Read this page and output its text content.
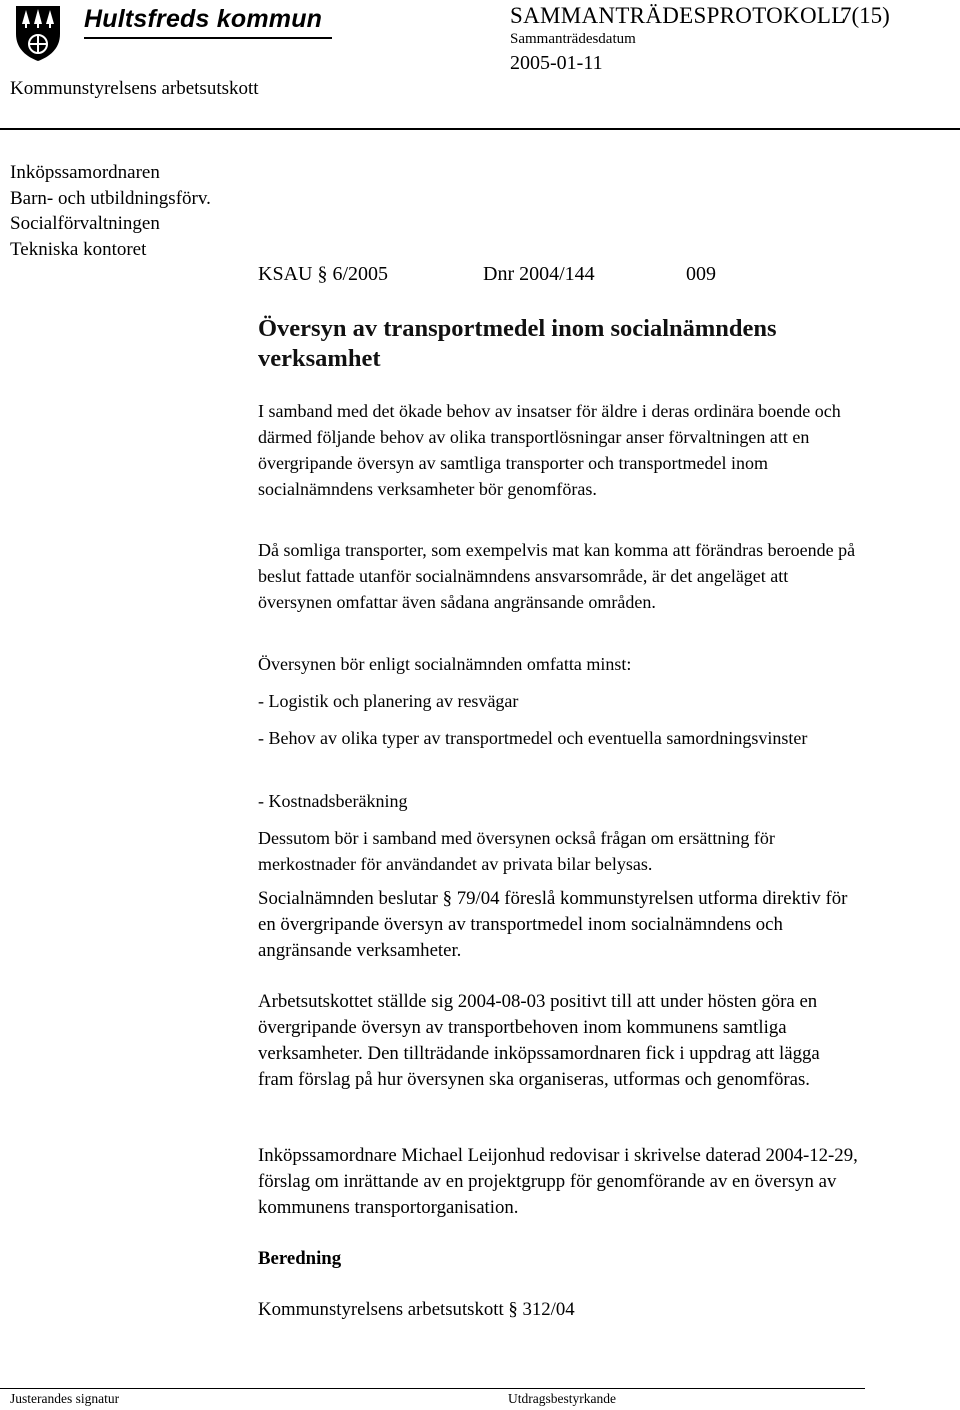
Hultsfreds kommun	SAMMANTRÄDESPROTOKOLL
7(15)
Sammanträdesdatum
2005-01-11
Kommunstyrelsens arbetsutskott
Inköpssamordnaren
Barn- och utbildningsförv.
Socialförvaltningen
Tekniska kontoret
KSAU § 6/2005	Dnr 2004/144	009
Översyn av transportmedel inom socialnämndens verksamhet

I samband med det ökade behov av insatser för äldre i deras ordinära boende och därmed följande behov av olika transportlösningar anser förvaltningen att en övergripande översyn av samtliga transporter och transportmedel inom socialnämndens verksamheter bör genomföras.

Då somliga transporter, som exempelvis mat kan komma att förändras beroende på beslut fattade utanför socialnämndens ansvarsområde, är det angeläget att översynen omfattar även sådana angränsande områden.

Översynen bör enligt socialnämnden omfatta minst:

- Logistik och planering av resvägar

- Behov av olika typer av transportmedel och eventuella samordningsvinster

- Kostnadsberäkning

Dessutom bör i samband med översynen också frågan om ersättning för merkostnader för användandet av privata bilar belysas.

Socialnämnden beslutar § 79/04 föreslå kommunstyrelsen utforma direktiv för en övergripande översyn av transportmedel inom socialnämndens och angränsande verksamheter.

Arbetsutskottet ställde sig 2004-08-03 positivt till att under hösten göra en övergripande översyn av transportbehoven inom kommunens samtliga verksamheter. Den tillträdande inköpssamordnaren fick i uppdrag att lägga fram förslag på hur översynen ska organiseras, utformas och genomföras.

Inköpssamordnare Michael Leijonhud redovisar i skrivelse daterad 2004-12-29, förslag om inrättande av en projektgrupp för genomförande av en översyn av kommunens transportorganisation.

Beredning

Kommunstyrelsens arbetsutskott § 312/04

Justerandes signatur	Utdragsbestyrkande
